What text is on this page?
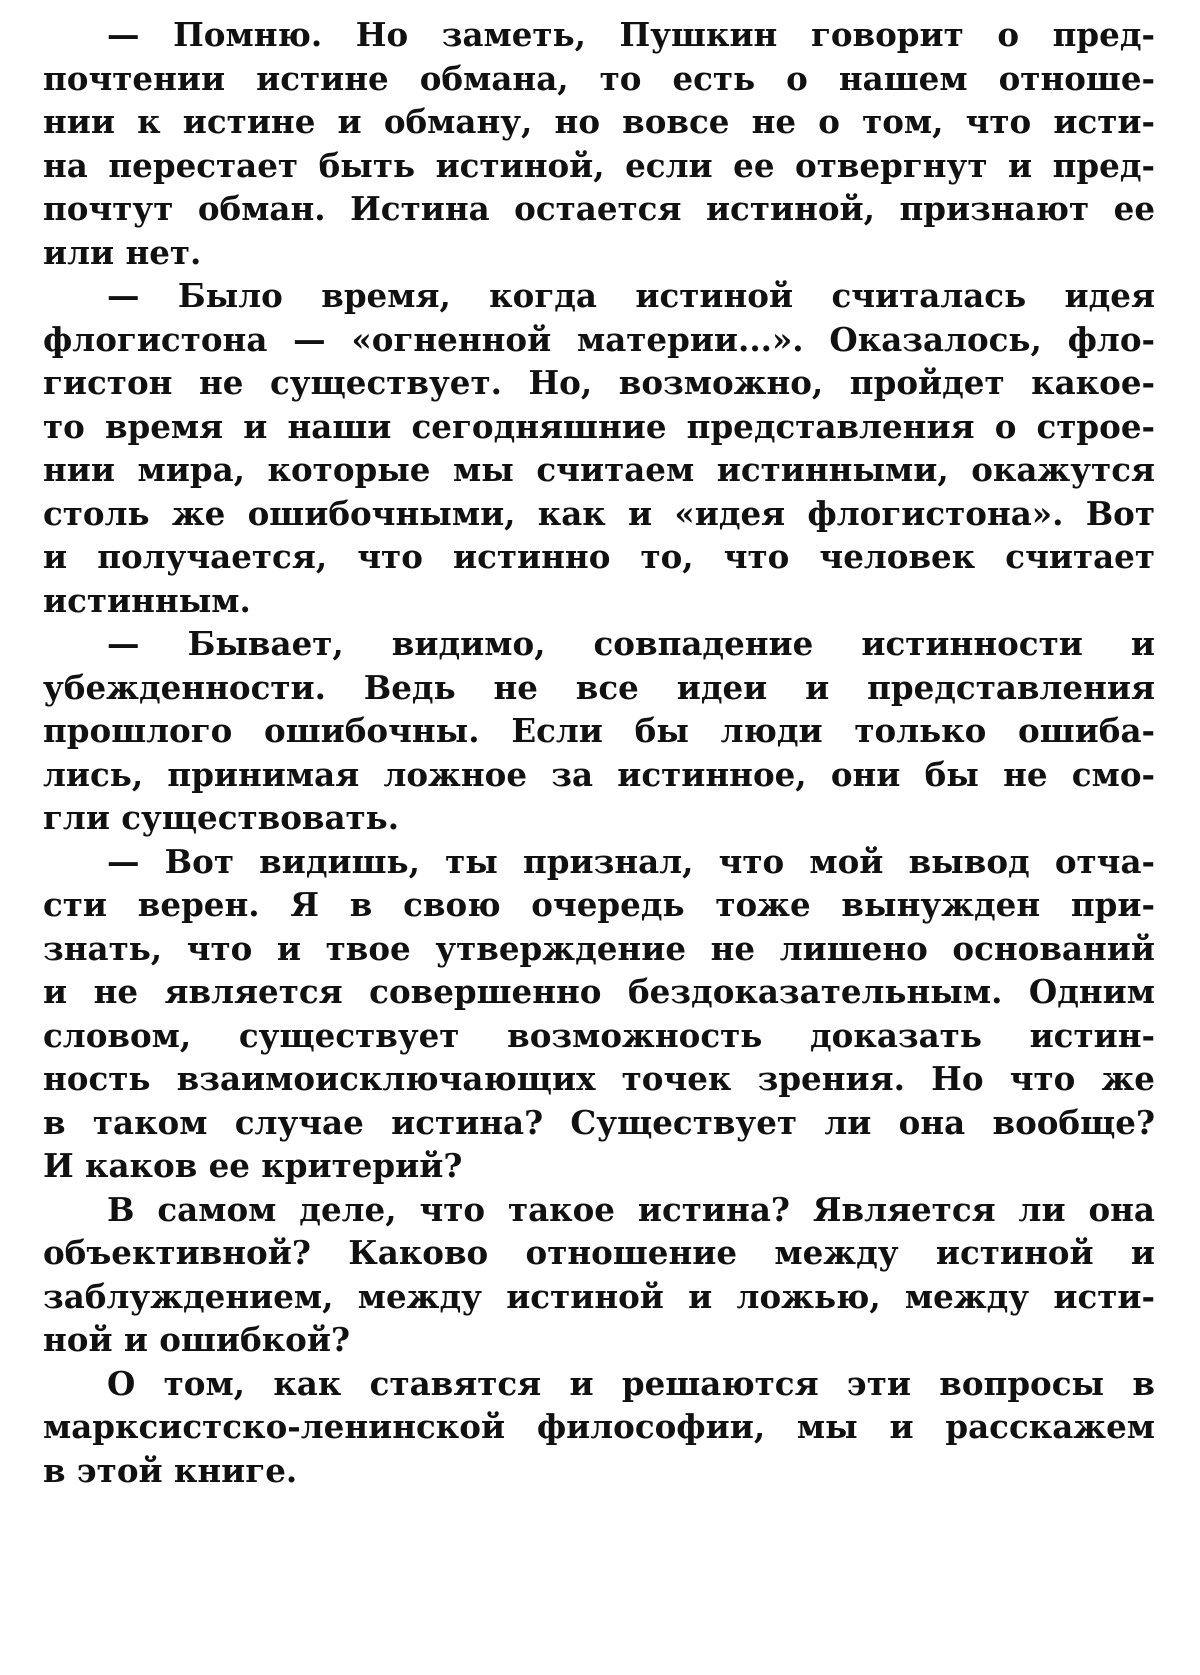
— Помню. Но заметь, Пушкин говорит о пред-
почтении истине обмана, то есть о нашем отноше-
нии к истине и обману, но вовсе не о том, что исти-
на перестает быть истиной, если ее отвергнут и пред-
почтут обман. Истина остается истиной, признают ее
или нет.
— Было время, когда истиной считалась идея
флогистона — «огненной материи...». Оказалось, фло-
гистон не существует. Но, возможно, пройдет какое-
то время и наши сегодняшние представления о строе-
нии мира, которые мы считаем истинными, окажутся
столь же ошибочными, как и «идея флогистона». Вот
и получается, что истинно то, что человек считает
истинным.
— Бывает, видимо, совпадение истинности и
убежденности. Ведь не все идеи и представления
прошлого ошибочны. Если бы люди только ошиба-
лись, принимая ложное за истинное, они бы не смо-
гли существовать.
— Вот видишь, ты признал, что мой вывод отча-
сти верен. Я в свою очередь тоже вынужден при-
знать, что и твое утверждение не лишено оснований
и не является совершенно бездоказательным. Одним
словом, существует возможность доказать истин-
ность взаимоисключающих точек зрения. Но что же
в таком случае истина? Существует ли она вообще?
И каков ее критерий?
В самом деле, что такое истина? Является ли она
объективной? Каково отношение между истиной и
заблуждением, между истиной и ложью, между исти-
ной и ошибкой?
О том, как ставятся и решаются эти вопросы в
марксистско-ленинской философии, мы и расскажем
в этой книге.
